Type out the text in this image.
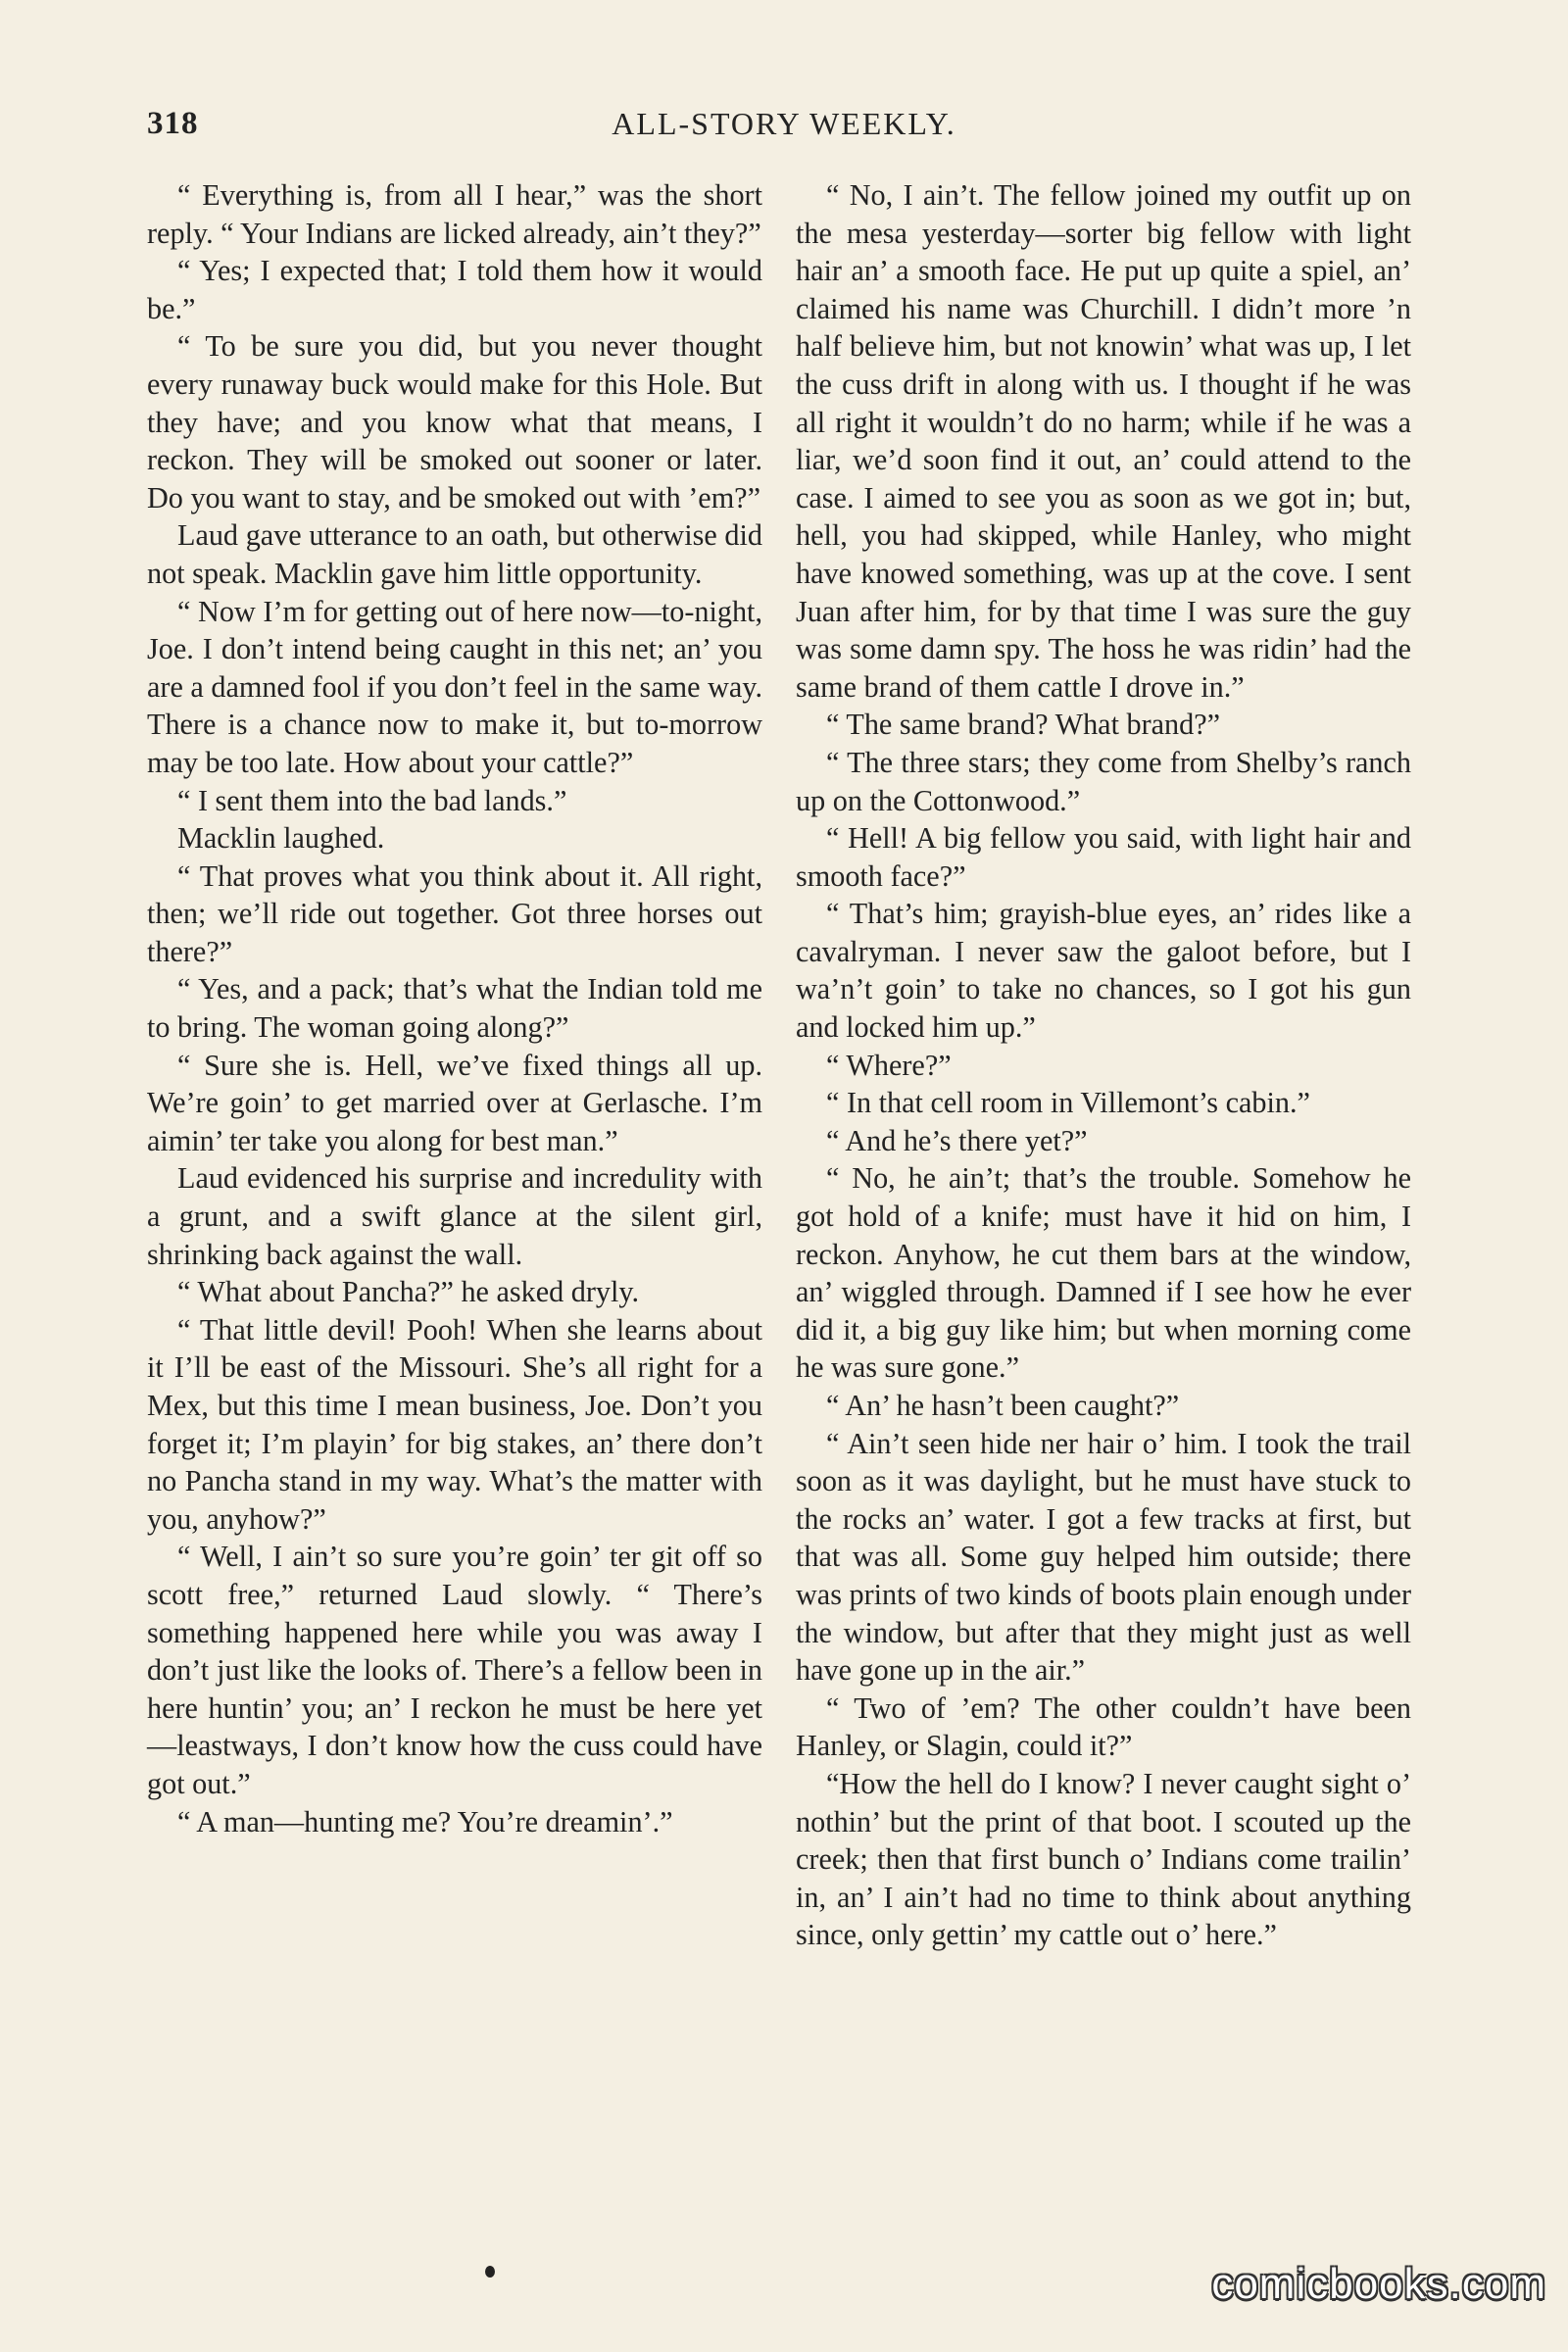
318	ALL-STORY WEEKLY.

“ Everything is, from all I hear,” was the short reply. “ Your Indians are licked already, ain’t they?”

“ Yes; I expected that; I told them how it would be.”

“ To be sure you did, but you never thought every runaway buck would make for this Hole. But they have; and you know what that means, I reckon. They will be smoked out sooner or later. Do you want to stay, and be smoked out with ’em?”

Laud gave utterance to an oath, but otherwise did not speak. Macklin gave him little opportunity.

“ Now I’m for getting out of here now—to-night, Joe. I don’t intend being caught in this net; an’ you are a damned fool if you don’t feel in the same way. There is a chance now to make it, but to-morrow may be too late. How about your cattle?”

“ I sent them into the bad lands.”

Macklin laughed.

“ That proves what you think about it. All right, then; we’ll ride out together. Got three horses out there?”

“ Yes, and a pack; that’s what the Indian told me to bring. The woman going along?”

“ Sure she is. Hell, we’ve fixed things all up. We’re goin’ to get married over at Gerlasche. I’m aimin’ ter take you along for best man.”

Laud evidenced his surprise and incredulity with a grunt, and a swift glance at the silent girl, shrinking back against the wall.

“ What about Pancha?” he asked dryly.

“ That little devil! Pooh! When she learns about it I’ll be east of the Missouri. She’s all right for a Mex, but this time I mean business, Joe. Don’t you forget it; I’m playin’ for big stakes, an’ there don’t no Pancha stand in my way. What’s the matter with you, anyhow?”

“ Well, I ain’t so sure you’re goin’ ter git off so scott free,” returned Laud slowly. “ There’s something happened here while you was away I don’t just like the looks of. There’s a fellow been in here huntin’ you; an’ I reckon he must be here yet—leastways, I don’t know how the cuss could have got out.”

“ A man—hunting me? You’re dreamin’.”

“ No, I ain’t. The fellow joined my outfit up on the mesa yesterday—sorter big fellow with light hair an’ a smooth face. He put up quite a spiel, an’ claimed his name was Churchill. I didn’t more ’n half believe him, but not knowin’ what was up, I let the cuss drift in along with us. I thought if he was all right it wouldn’t do no harm; while if he was a liar, we’d soon find it out, an’ could attend to the case. I aimed to see you as soon as we got in; but, hell, you had skipped, while Hanley, who might have knowed something, was up at the cove. I sent Juan after him, for by that time I was sure the guy was some damn spy. The hoss he was ridin’ had the same brand of them cattle I drove in.”

“ The same brand? What brand?”

“ The three stars; they come from Shelby’s ranch up on the Cottonwood.”

“ Hell! A big fellow you said, with light hair and smooth face?”

“ That’s him; grayish-blue eyes, an’ rides like a cavalryman. I never saw the galoot before, but I wa’n’t goin’ to take no chances, so I got his gun and locked him up.”

“ Where?”

“ In that cell room in Villemont’s cabin.”

“ And he’s there yet?”

“ No, he ain’t; that’s the trouble. Somehow he got hold of a knife; must have it hid on him, I reckon. Anyhow, he cut them bars at the window, an’ wiggled through. Damned if I see how he ever did it, a big guy like him; but when morning come he was sure gone.”

“ An’ he hasn’t been caught?”

“ Ain’t seen hide ner hair o’ him. I took the trail soon as it was daylight, but he must have stuck to the rocks an’ water. I got a few tracks at first, but that was all. Some guy helped him outside; there was prints of two kinds of boots plain enough under the window, but after that they might just as well have gone up in the air.”

“ Two of ’em? The other couldn’t have been Hanley, or Slagin, could it?”

“How the hell do I know? I never caught sight o’ nothin’ but the print of that boot. I scouted up the creek; then that first bunch o’ Indians come trailin’ in, an’ I ain’t had no time to think about anything since, only gettin’ my cattle out o’ here.”

comicbooks.com
